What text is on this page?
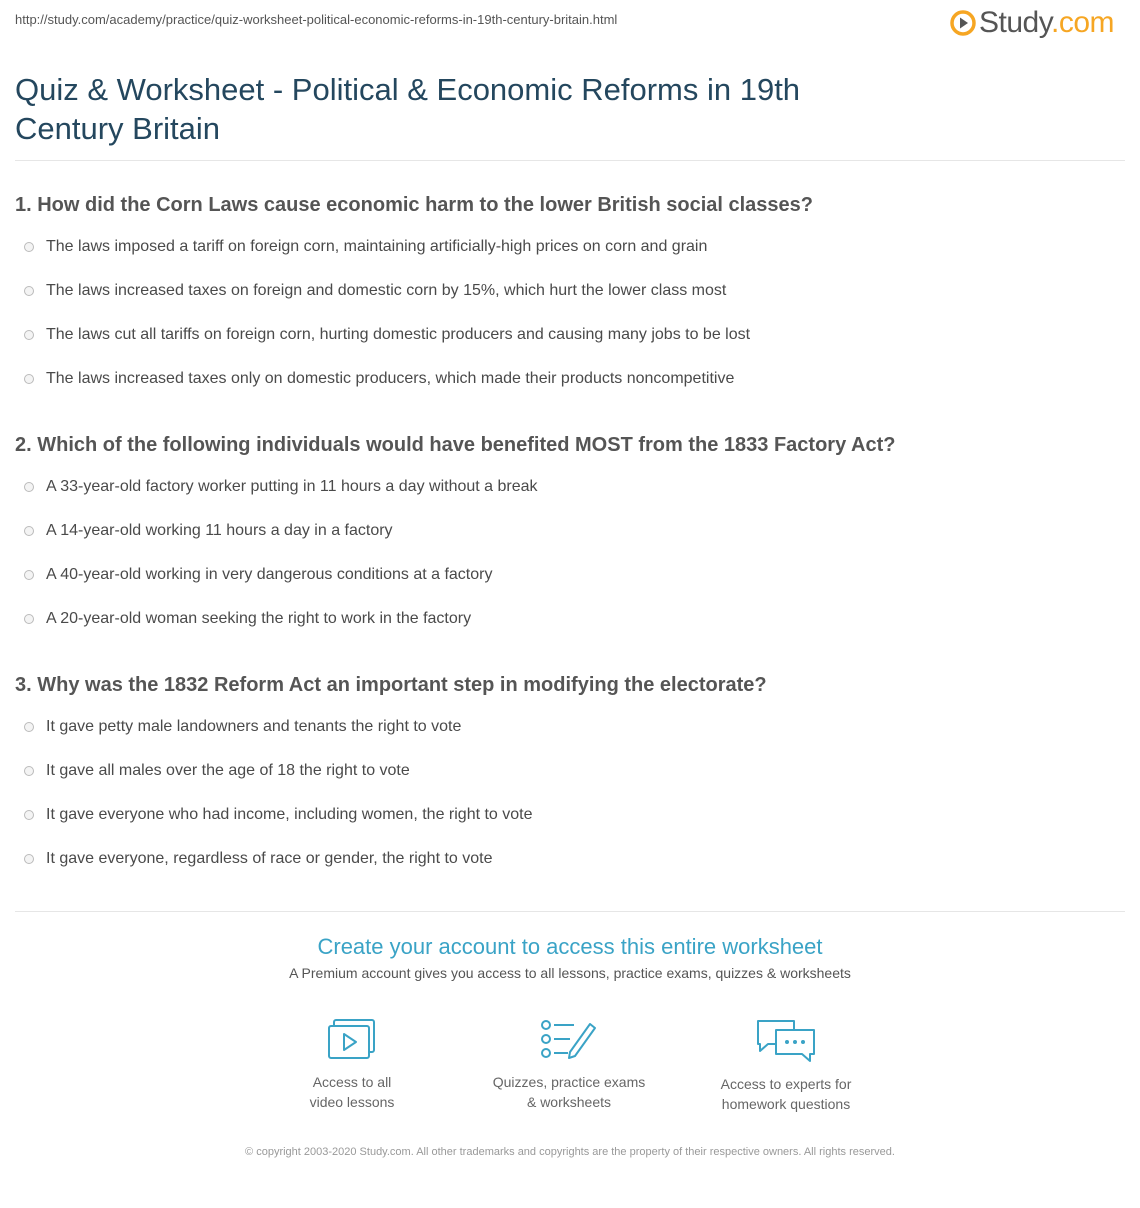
http://study.com/academy/practice/quiz-worksheet-political-economic-reforms-in-19th-century-britain.html	Study.com
Quiz & Worksheet - Political & Economic Reforms in 19th Century Britain
1. How did the Corn Laws cause economic harm to the lower British social classes?
The laws imposed a tariff on foreign corn, maintaining artificially-high prices on corn and grain
The laws increased taxes on foreign and domestic corn by 15%, which hurt the lower class most
The laws cut all tariffs on foreign corn, hurting domestic producers and causing many jobs to be lost
The laws increased taxes only on domestic producers, which made their products noncompetitive
2. Which of the following individuals would have benefited MOST from the 1833 Factory Act?
A 33-year-old factory worker putting in 11 hours a day without a break
A 14-year-old working 11 hours a day in a factory
A 40-year-old working in very dangerous conditions at a factory
A 20-year-old woman seeking the right to work in the factory
3. Why was the 1832 Reform Act an important step in modifying the electorate?
It gave petty male landowners and tenants the right to vote
It gave all males over the age of 18 the right to vote
It gave everyone who had income, including women, the right to vote
It gave everyone, regardless of race or gender, the right to vote
Create your account to access this entire worksheet
A Premium account gives you access to all lessons, practice exams, quizzes & worksheets
Access to all
video lessons
Quizzes, practice exams
& worksheets
Access to experts for
homework questions
© copyright 2003-2020 Study.com. All other trademarks and copyrights are the property of their respective owners. All rights reserved.
